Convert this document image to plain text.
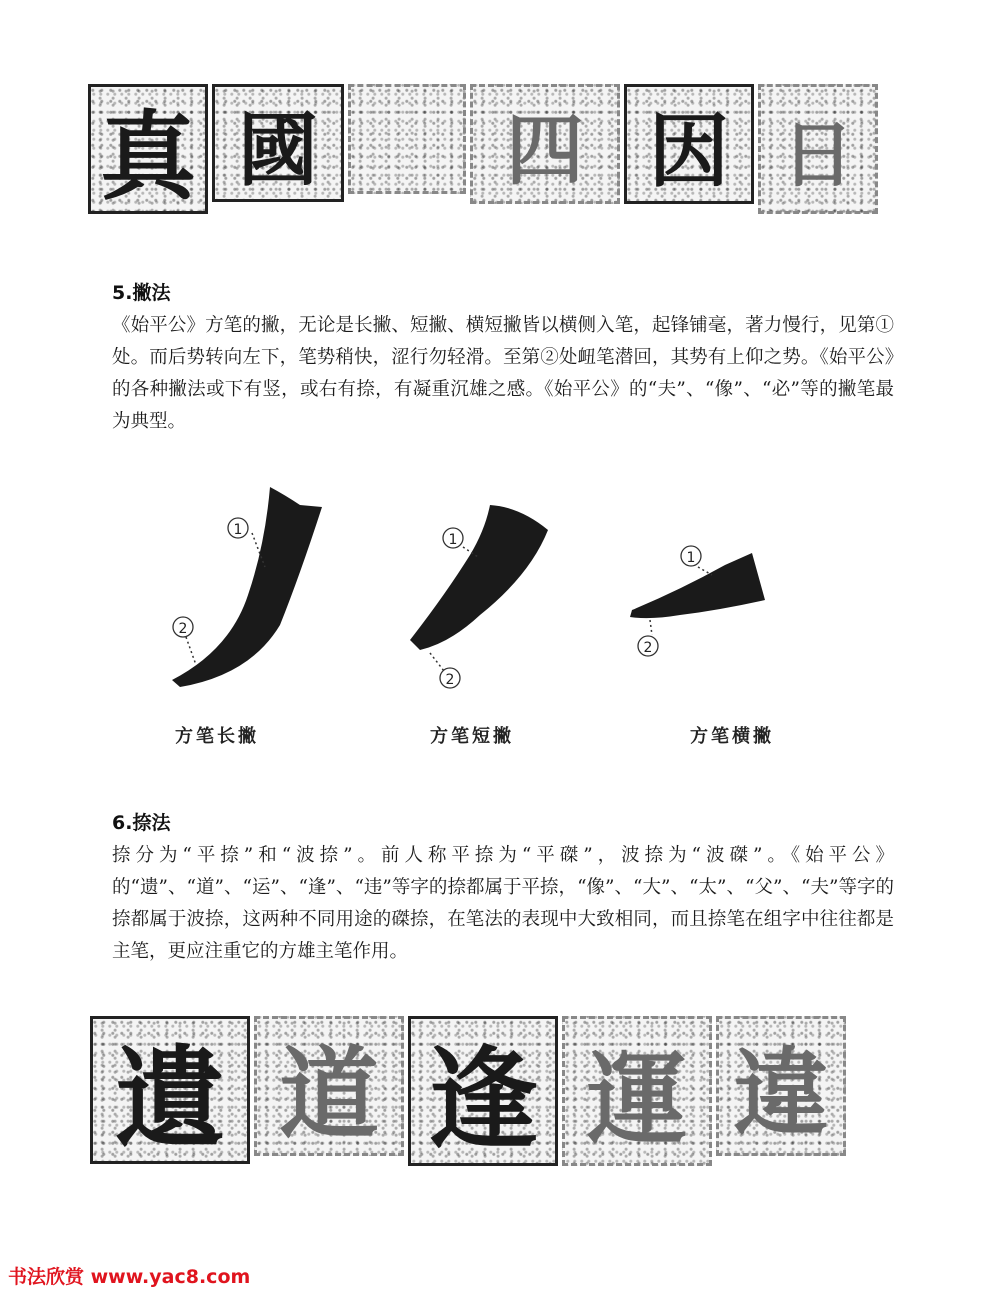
真 國	四 因 日
5.撇法

《始平公》方笔的撇，无论是长撇、短撇、横短撇皆以横侧入笔，起锋铺毫，著力慢行，见第①处。而后势转向左下，笔势稍快，涩行勿轻滑。至第②处衄笔潜回，其势有上仰之势。《始平公》的各种撇法或下有竖，或右有捺，有凝重沉雄之感。《始平公》的“夫”、“像”、“必”等的撇笔最为典型。

1
2
1
2
1
2
方笔长撇	方笔短撇	方笔横撇
6.捺法

捺分为“平捺”和“波捺”。前人称平捺为“平磔”，波捺为“波磔”。《始平公》的“遗”、“道”、“运”、“逢”、“违”等字的捺都属于平捺，“像”、“大”、“太”、“父”、“夫”等字的捺都属于波捺，这两种不同用途的磔捺，在笔法的表现中大致相同，而且捺笔在组字中往往都是主笔，更应注重它的方雄主笔作用。

遺 道 逢 運 違
书法欣赏 www.yac8.com
